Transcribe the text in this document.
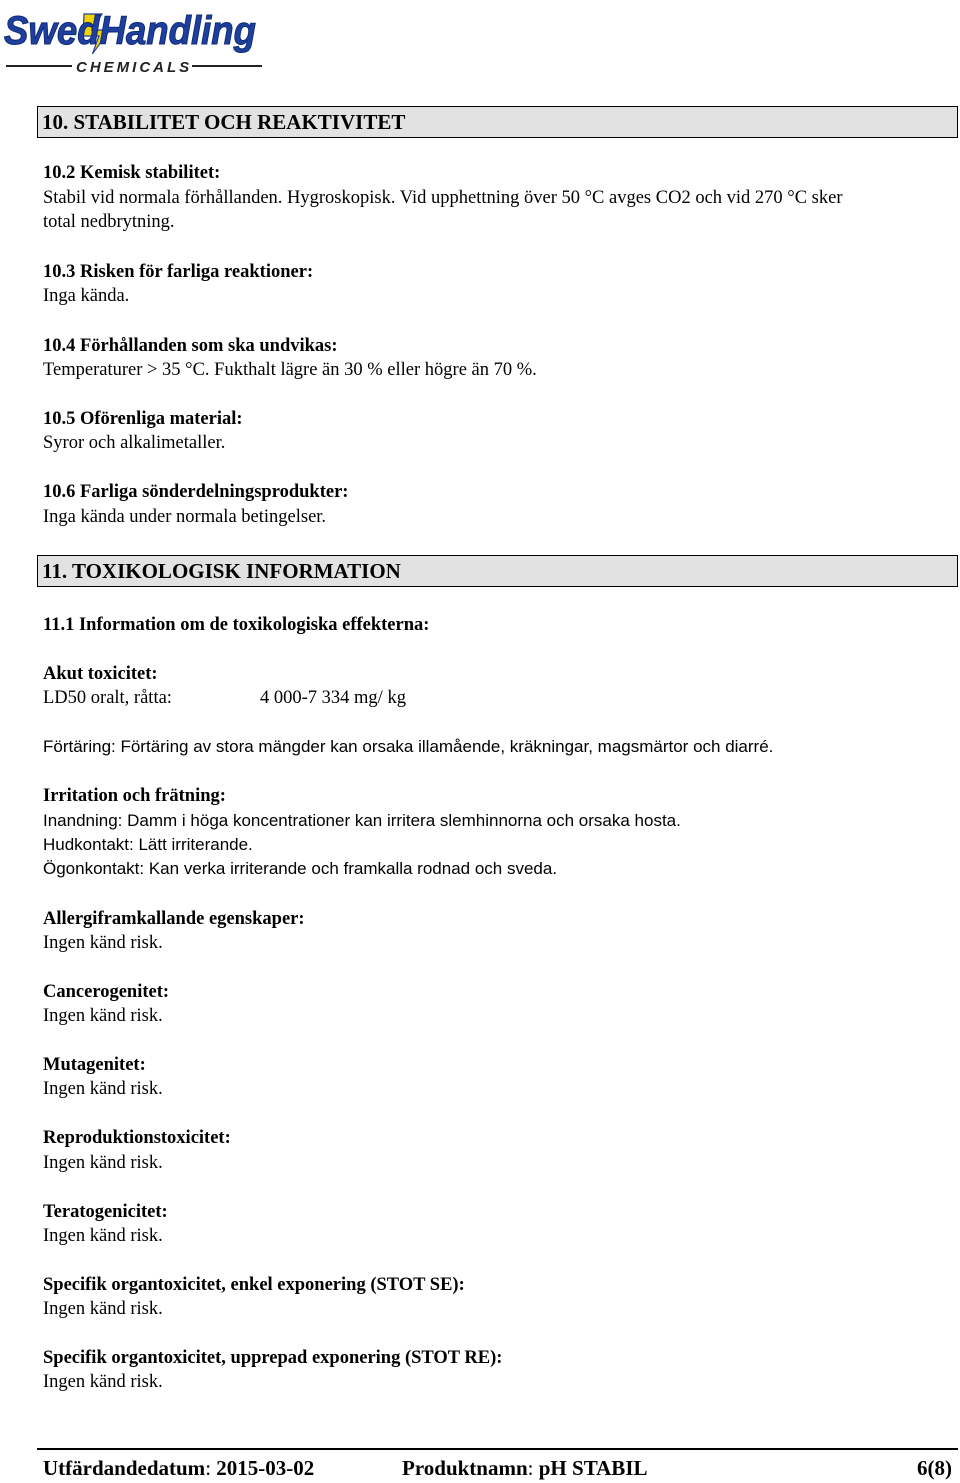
SwedHandling
CHEMICALS
10. STABILITET OCH REAKTIVITET
10.2 Kemisk stabilitet:
Stabil vid normala förhållanden. Hygroskopisk. Vid upphettning över 50 °C avges CO2 och vid 270 °C sker
total nedbrytning.
10.3 Risken för farliga reaktioner:
Inga kända.
10.4 Förhållanden som ska undvikas:
Temperaturer > 35 °C. Fukthalt lägre än 30 % eller högre än 70 %.
10.5 Oförenliga material:
Syror och alkalimetaller.
10.6 Farliga sönderdelningsprodukter:
Inga kända under normala betingelser.
11. TOXIKOLOGISK INFORMATION
11.1 Information om de toxikologiska effekterna:
Akut toxicitet:
LD50 oralt, råtta:	4 000-7 334 mg/ kg
Förtäring: Förtäring av stora mängder kan orsaka illamående, kräkningar, magsmärtor och diarré.
Irritation och frätning:
Inandning: Damm i höga koncentrationer kan irritera slemhinnorna och orsaka hosta.
Hudkontakt: Lätt irriterande.
Ögonkontakt: Kan verka irriterande och framkalla rodnad och sveda.
Allergiframkallande egenskaper:
Ingen känd risk.
Cancerogenitet:
Ingen känd risk.
Mutagenitet:
Ingen känd risk.
Reproduktionstoxicitet:
Ingen känd risk.
Teratogenicitet:
Ingen känd risk.
Specifik organtoxicitet, enkel exponering (STOT SE):
Ingen känd risk.
Specifik organtoxicitet, upprepad exponering (STOT RE):
Ingen känd risk.
Utfärdandedatum: 2015-03-02	Produktnamn: pH STABIL	6(8)
